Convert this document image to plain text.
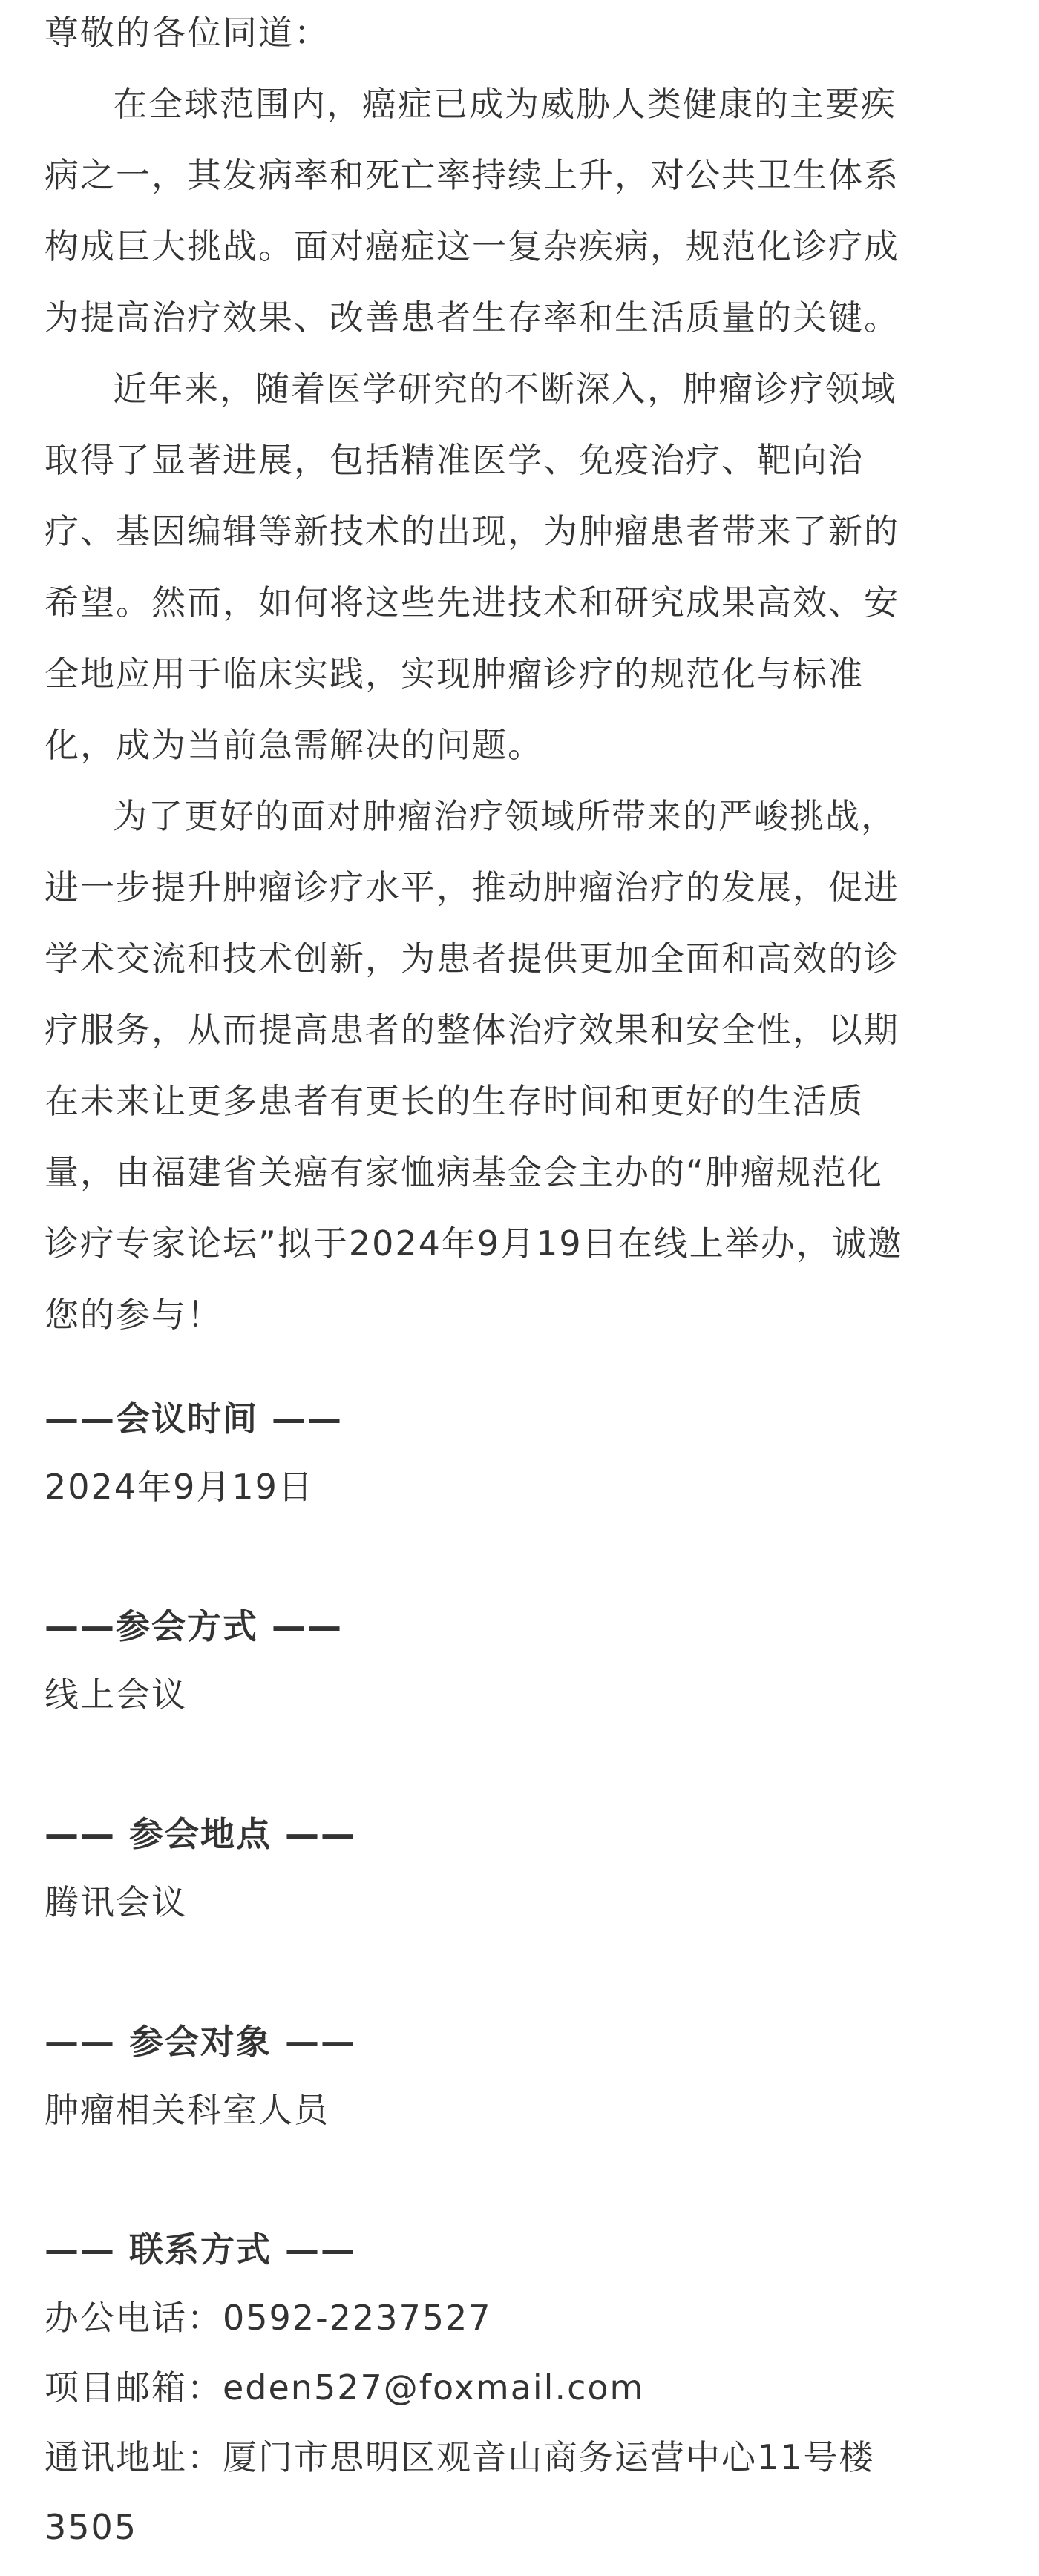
尊敬的各位同道：
在全球范围内，癌症已成为威胁人类健康的主要疾
病之一，其发病率和死亡率持续上升，对公共卫生体系
构成巨大挑战。面对癌症这一复杂疾病，规范化诊疗成
为提高治疗效果、改善患者生存率和生活质量的关键。
近年来，随着医学研究的不断深入，肿瘤诊疗领域
取得了显著进展，包括精准医学、免疫治疗、靶向治
疗、基因编辑等新技术的出现，为肿瘤患者带来了新的
希望。然而，如何将这些先进技术和研究成果高效、安
全地应用于临床实践，实现肿瘤诊疗的规范化与标准
化，成为当前急需解决的问题。
为了更好的面对肿瘤治疗领域所带来的严峻挑战，
进一步提升肿瘤诊疗水平，推动肿瘤治疗的发展，促进
学术交流和技术创新，为患者提供更加全面和高效的诊
疗服务，从而提高患者的整体治疗效果和安全性，以期
在未来让更多患者有更长的生存时间和更好的生活质
量，由福建省关癌有家恤病基金会主办的“肿瘤规范化
诊疗专家论坛”拟于2024年9月19日在线上举办，诚邀
您的参与！
——会议时间 ——
2024年9月19日
——参会方式 ——
线上会议
—— 参会地点 ——
腾讯会议
—— 参会对象 ——
肿瘤相关科室人员
—— 联系方式 ——
办公电话：0592-2237527
项目邮箱：eden527@foxmail.com
通讯地址：厦门市思明区观音山商务运营中心11号楼
3505
